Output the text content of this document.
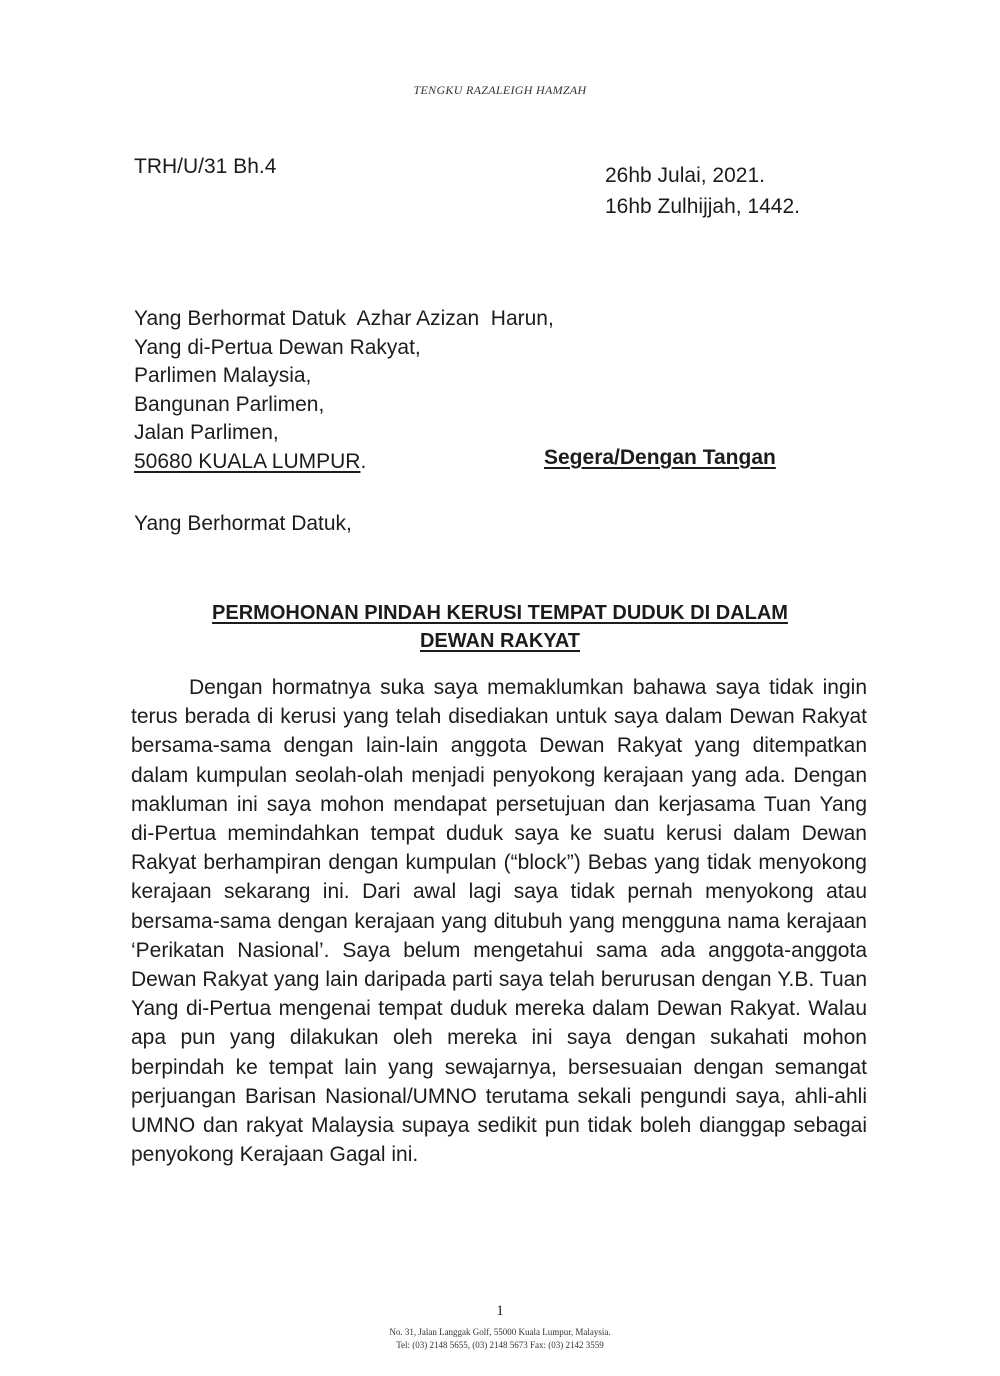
TENGKU RAZALEIGH HAMZAH
TRH/U/31 Bh.4	26hb Julai, 2021.
16hb Zulhijjah, 1442.
Yang Berhormat Datuk  Azhar Azizan  Harun,
Yang di-Pertua Dewan Rakyat,
Parlimen Malaysia,
Bangunan Parlimen,
Jalan Parlimen,
50680 KUALA LUMPUR.	Segera/Dengan Tangan
Yang Berhormat Datuk,
PERMOHONAN PINDAH KERUSI TEMPAT DUDUK DI DALAM
DEWAN RAKYAT

Dengan hormatnya suka saya memaklumkan bahawa saya tidak ingin terus berada di kerusi yang telah disediakan untuk saya dalam Dewan Rakyat bersama-sama dengan lain-lain anggota Dewan Rakyat yang ditempatkan dalam kumpulan seolah-olah menjadi penyokong kerajaan yang ada. Dengan makluman ini saya mohon mendapat persetujuan dan kerjasama Tuan Yang di-Pertua memindahkan tempat duduk saya ke suatu kerusi dalam Dewan Rakyat berhampiran dengan kumpulan (“block”) Bebas yang tidak menyokong kerajaan sekarang ini. Dari awal lagi saya tidak pernah menyokong atau bersama-sama dengan kerajaan yang ditubuh yang mengguna nama kerajaan ‘Perikatan Nasional’. Saya belum mengetahui sama ada anggota-anggota Dewan Rakyat yang lain daripada parti saya telah berurusan dengan Y.B. Tuan Yang di-Pertua mengenai tempat duduk mereka dalam Dewan Rakyat. Walau apa pun yang dilakukan oleh mereka ini saya dengan sukahati mohon berpindah ke tempat lain yang sewajarnya, bersesuaian dengan semangat perjuangan Barisan Nasional/UMNO terutama sekali pengundi saya, ahli-ahli UMNO dan rakyat Malaysia supaya sedikit pun tidak boleh dianggap sebagai penyokong Kerajaan Gagal ini.

1
No. 31, Jalan Langgak Golf, 55000 Kuala Lumpur, Malaysia.
Tel: (03) 2148 5655, (03) 2148 5673 Fax: (03) 2142 3559
